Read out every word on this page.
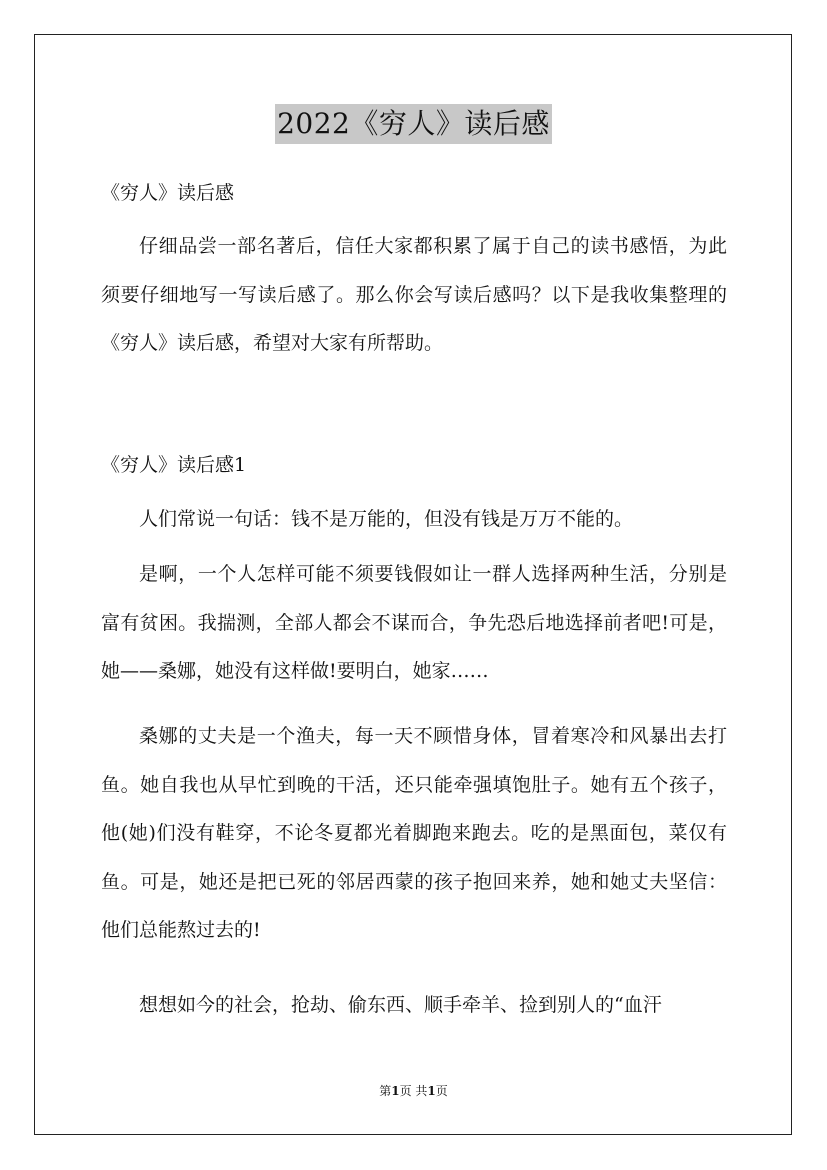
2022《穷人》读后感
《穷人》读后感

仔细品尝一部名著后，信任大家都积累了属于自己的读书感悟，为此须要仔细地写一写读后感了。那么你会写读后感吗？以下是我收集整理的《穷人》读后感，希望对大家有所帮助。

《穷人》读后感1

人们常说一句话：钱不是万能的，但没有钱是万万不能的。

是啊，一个人怎样可能不须要钱假如让一群人选择两种生活，分别是富有贫困。我揣测，全部人都会不谋而合，争先恐后地选择前者吧!可是，她——桑娜，她没有这样做!要明白，她家……

桑娜的丈夫是一个渔夫，每一天不顾惜身体，冒着寒冷和风暴出去打鱼。她自我也从早忙到晚的干活，还只能牵强填饱肚子。她有五个孩子，他(她)们没有鞋穿，不论冬夏都光着脚跑来跑去。吃的是黑面包，菜仅有鱼。可是，她还是把已死的邻居西蒙的孩子抱回来养，她和她丈夫坚信：他们总能熬过去的!

想想如今的社会，抢劫、偷东西、顺手牵羊、捡到别人的“血汗

第1页 共1页
